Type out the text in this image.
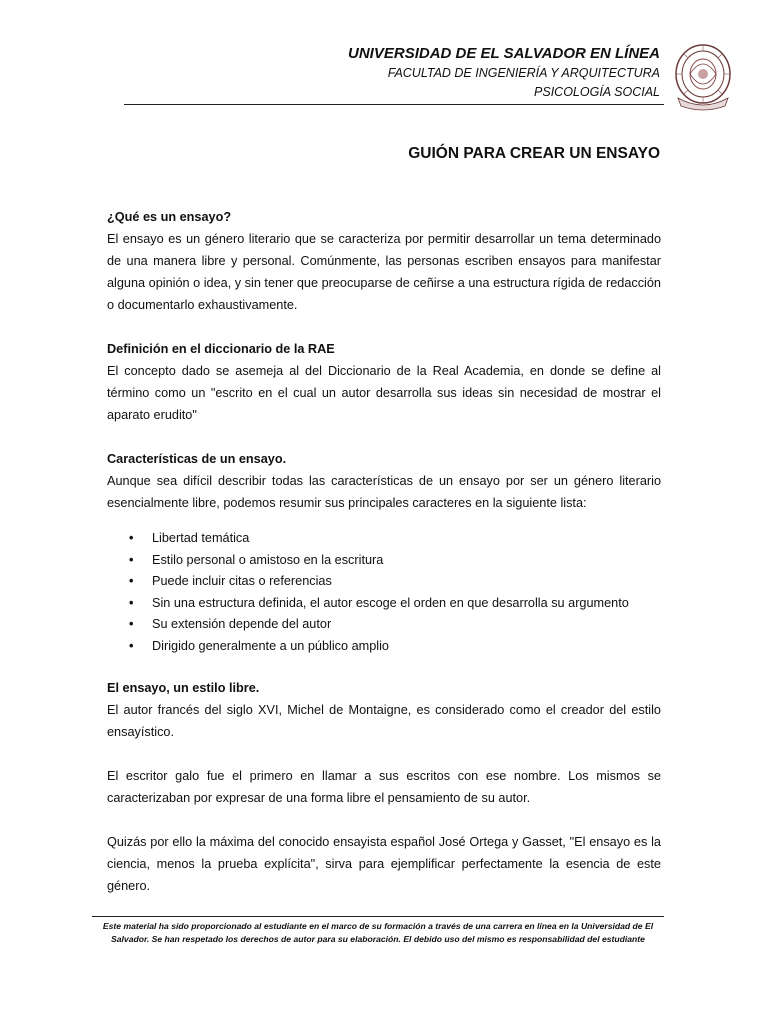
UNIVERSIDAD DE EL SALVADOR EN LÍNEA
FACULTAD DE INGENIERÍA Y ARQUITECTURA
PSICOLOGÍA SOCIAL
GUIÓN PARA CREAR UN ENSAYO

¿Qué es un ensayo?

El ensayo es un género literario que se caracteriza por permitir desarrollar un tema determinado de una manera libre y personal. Comúnmente, las personas escriben ensayos para manifestar alguna opinión o idea, y sin tener que preocuparse de ceñirse a una estructura rígida de redacción o documentarlo exhaustivamente.

Definición en el diccionario de la RAE

El concepto dado se asemeja al del Diccionario de la Real Academia, en donde se define al término como un "escrito en el cual un autor desarrolla sus ideas sin necesidad de mostrar el aparato erudito"

Características de un ensayo.

Aunque sea difícil describir todas las características de un ensayo por ser un género literario esencialmente libre, podemos resumir sus principales caracteres en la siguiente lista:

• Libertad temática
• Estilo personal o amistoso en la escritura
• Puede incluir citas o referencias
• Sin una estructura definida, el autor escoge el orden en que desarrolla su argumento
• Su extensión depende del autor
• Dirigido generalmente a un público amplio

El ensayo, un estilo libre.

El autor francés del siglo XVI, Michel de Montaigne, es considerado como el creador del estilo ensayístico.

El escritor galo fue el primero en llamar a sus escritos con ese nombre. Los mismos se caracterizaban por expresar de una forma libre el pensamiento de su autor.

Quizás por ello la máxima del conocido ensayista español José Ortega y Gasset, "El ensayo es la ciencia, menos la prueba explícita", sirva para ejemplificar perfectamente la esencia de este género.

Este material ha sido proporcionado al estudiante en el marco de su formación a través de una carrera en línea en la Universidad de El Salvador. Se han respetado los derechos de autor para su elaboración. El debido uso del mismo es responsabilidad del estudiante
